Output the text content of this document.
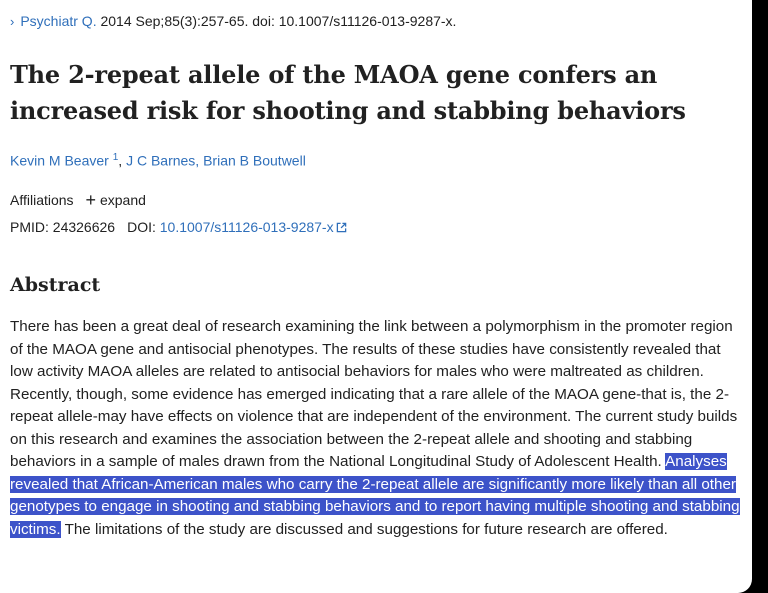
› Psychiatr Q. 2014 Sep;85(3):257-65. doi: 10.1007/s11126-013-9287-x.
The 2-repeat allele of the MAOA gene confers an increased risk for shooting and stabbing behaviors
Kevin M Beaver $^1$, J C Barnes, Brian B Boutwell
Affiliations + expand
PMID: 24326626 DOI: 10.1007/s11126-013-9287-x
Abstract

There has been a great deal of research examining the link between a polymorphism in the promoter region of the MAOA gene and antisocial phenotypes. The results of these studies have consistently revealed that low activity MAOA alleles are related to antisocial behaviors for males who were maltreated as children. Recently, though, some evidence has emerged indicating that a rare allele of the MAOA gene-that is, the 2-repeat allele-may have effects on violence that are independent of the environment. The current study builds on this research and examines the association between the 2-repeat allele and shooting and stabbing behaviors in a sample of males drawn from the National Longitudinal Study of Adolescent Health. Analyses revealed that African-American males who carry the 2-repeat allele are significantly more likely than all other genotypes to engage in shooting and stabbing behaviors and to report having multiple shooting and stabbing victims. The limitations of the study are discussed and suggestions for future research are offered.
